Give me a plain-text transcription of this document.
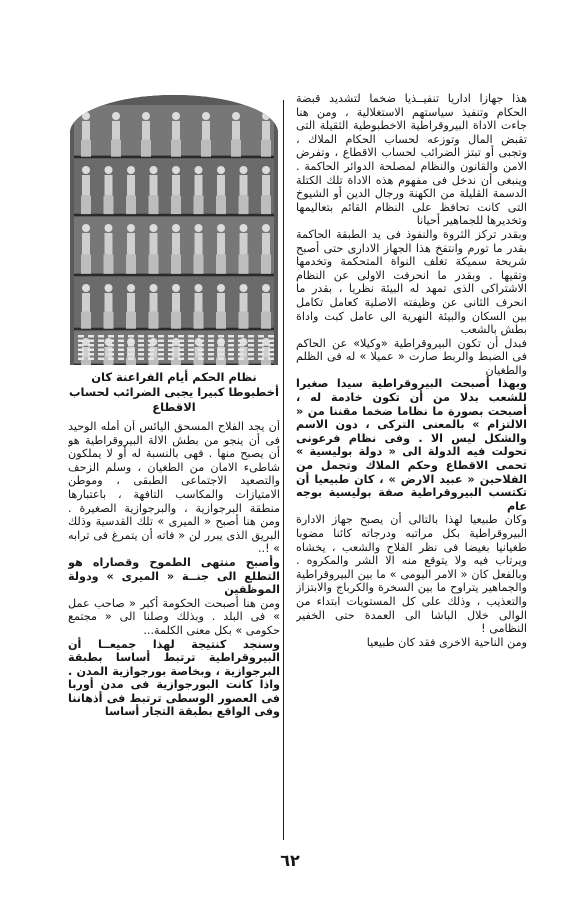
نظام الحكم أيام الفراعنة كان أخطبوطا كبيرا يجبى الضرائب لحساب الاقطاع

هذا جهازا اداريا تنفيــذيا ضخما لتشديد قبضة الحكام وتنفيذ سياستهم الاستغلالية ، ومن هنا جاءت الاداة البيروقراطية الاخطبوطية الثقيلة التى تقبض المال وتوزعه لحساب الحكام الملاك ، وتجبى أو تبتز الضرائب لحساب الاقطاع ، وتفرض الامن والقانون والنظام لمصلحة الدوائر الحاكمة . وينبغى أن ندخل فى مفهوم هذه الاداة تلك الكتلة الدسمة القليلة من الكهنة ورجال الدين أو الشيوخ التى كانت تحافظ على النظام القائم بتعاليمها وتخديرها للجماهير أحيانا

وبقدر تركز الثروة والنفوذ فى يد الطبقة الحاكمة بقدر ما تورم وانتفخ هذا الجهاز الادارى حتى أصبح شريحة سميكة تغلف النواة المتحكمة وتخدمها وتقيها . وبقدر ما انحرفت الاولى عن النظام الاشتراكى الذى تمهد له البيئة نظريا ، بقدر ما انحرف الثانى عن وظيفته الاصلية كعامل تكامل بين السكان والبيئة النهرية الى عامل كبت واداة بطش بالشعب

فبدل أن تكون البيروقراطية «وكيلا» عن الحاكم فى الضبط والربط صارت « عميلا » له فى الظلم والطغيان

وبهذا أصبحت البيروقراطية سيدا صغيرا للشعب بدلا من أن تكون خادمة له ، أصبحت بصورة ما نظاما ضخما مقننا من « الالتزام » بالمعنى التركى ، دون الاسم والشكل ليس الا . وفى نظام فرعونى تحولت فيه الدولة الى « دولة بوليسية » تحمى الاقطاع وحكم الملاك وتجمل من الفلاحين « عبيد الارض » ، كان طبيعيا أن تكتسب البيروقراطية صفة بوليسية بوجه عام

وكان طبيعيا لهذا بالتالى أن يصبح جهاز الادارة البيروقراطية بكل مراتبه ودرجاته كائنا مضوبا طغيانيا بغيضا فى نظر الفلاح والشعب ، يخشاه ويرتاب فيه ولا يتوقع منه الا الشر والمكروه . وبالفعل كان « الامر اليومى » ما بين البيروقراطية والجماهير يتراوح ما بين السخرة والكرباج والابتزاز والتعذيب ، وذلك على كل المستويات ابتداء من الوالى خلال الباشا الى العمدة حتى الخفير النظامى !

ومن الناحية الاخرى فقد كان طبيعيا

أن يجد الفلاح المسحق اليائس أن أمله الوحيد فى أن ينجو من بطش الالة البيروقراطية هو أن يصبح منها . فهى بالنسبة له أو لا يملكون شاطىء الامان من الطغيان ، وسلم الزحف والتصعيد الاجتماعى الطبقى ، وموطن الامتيازات والمكاسب التافهة ، باعتبارها منطقة البرجوازية ، والبرجوازية الصغيرة . ومن هنا أصبح « الميرى » تلك القدسية وذلك البريق الذى يبرر لن « فاته أن يتمرغ فى ترابه » !..

وأصبح منتهى الطموح وقصاراه هو التطلع الى جنــة « الميرى » ودولة الموظفين

ومن هنا أصبحت الحكومة أكبر « صاحب عمل » فى البلد . وبذلك وصلنا الى « مجتمع حكومى » بكل معنى الكلمة...

وسنجد كنتيجة لهذا جميعــا أن البيروقراطية ترتبط أساسا بطبقة البرجوازية ، وبخاصة بورجوازية المدن . واذا كانت البورجوازية فى مدن أوربا فى العصور الوسطى ترتبط فى أذهاننا وفى الواقع بطبقة التجار أساسا

٦٢
